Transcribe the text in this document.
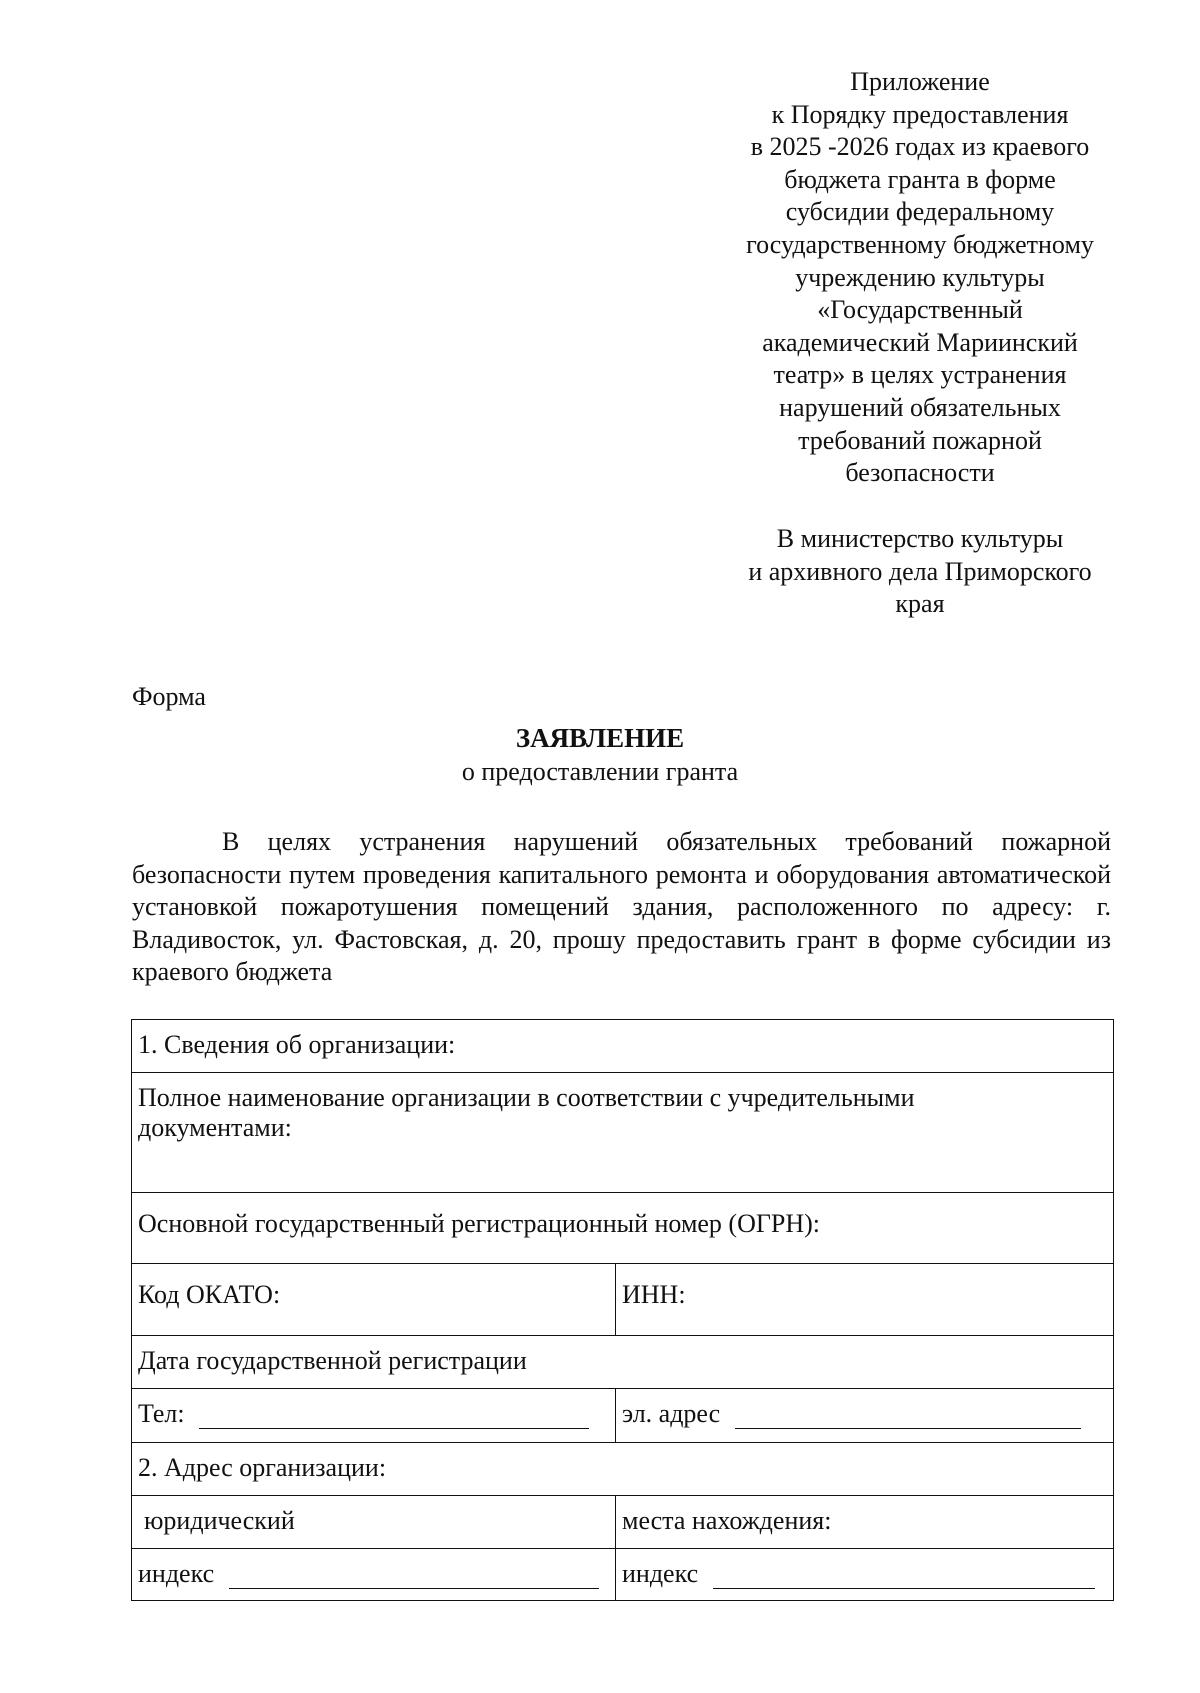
Приложение
к Порядку предоставления
в 2025 -2026 годах из краевого
бюджета гранта в форме
субсидии федеральному
государственному бюджетному
учреждению культуры
«Государственный
академический Мариинский
театр» в целях устранения
нарушений обязательных
требований пожарной
безопасности
В министерство культуры
и архивного дела Приморского
края
Форма
ЗАЯВЛЕНИЕ
о предоставлении гранта
В целях устранения нарушений обязательных требований пожарной безопасности путем проведения капитального ремонта и оборудования автоматической установкой пожаротушения помещений здания, расположенного по адресу: г. Владивосток, ул. Фастовская, д. 20, прошу предоставить грант в форме субсидии из краевого бюджета
1. Сведения об организации:
Полное наименование организации в соответствии с учредительными документами:
Основной государственный регистрационный номер (ОГРН):
Код ОКАТО:	ИНН:
Дата государственной регистрации
Тел:	эл. адрес
2. Адрес организации:
юридический	места нахождения:
индекс	индекс
